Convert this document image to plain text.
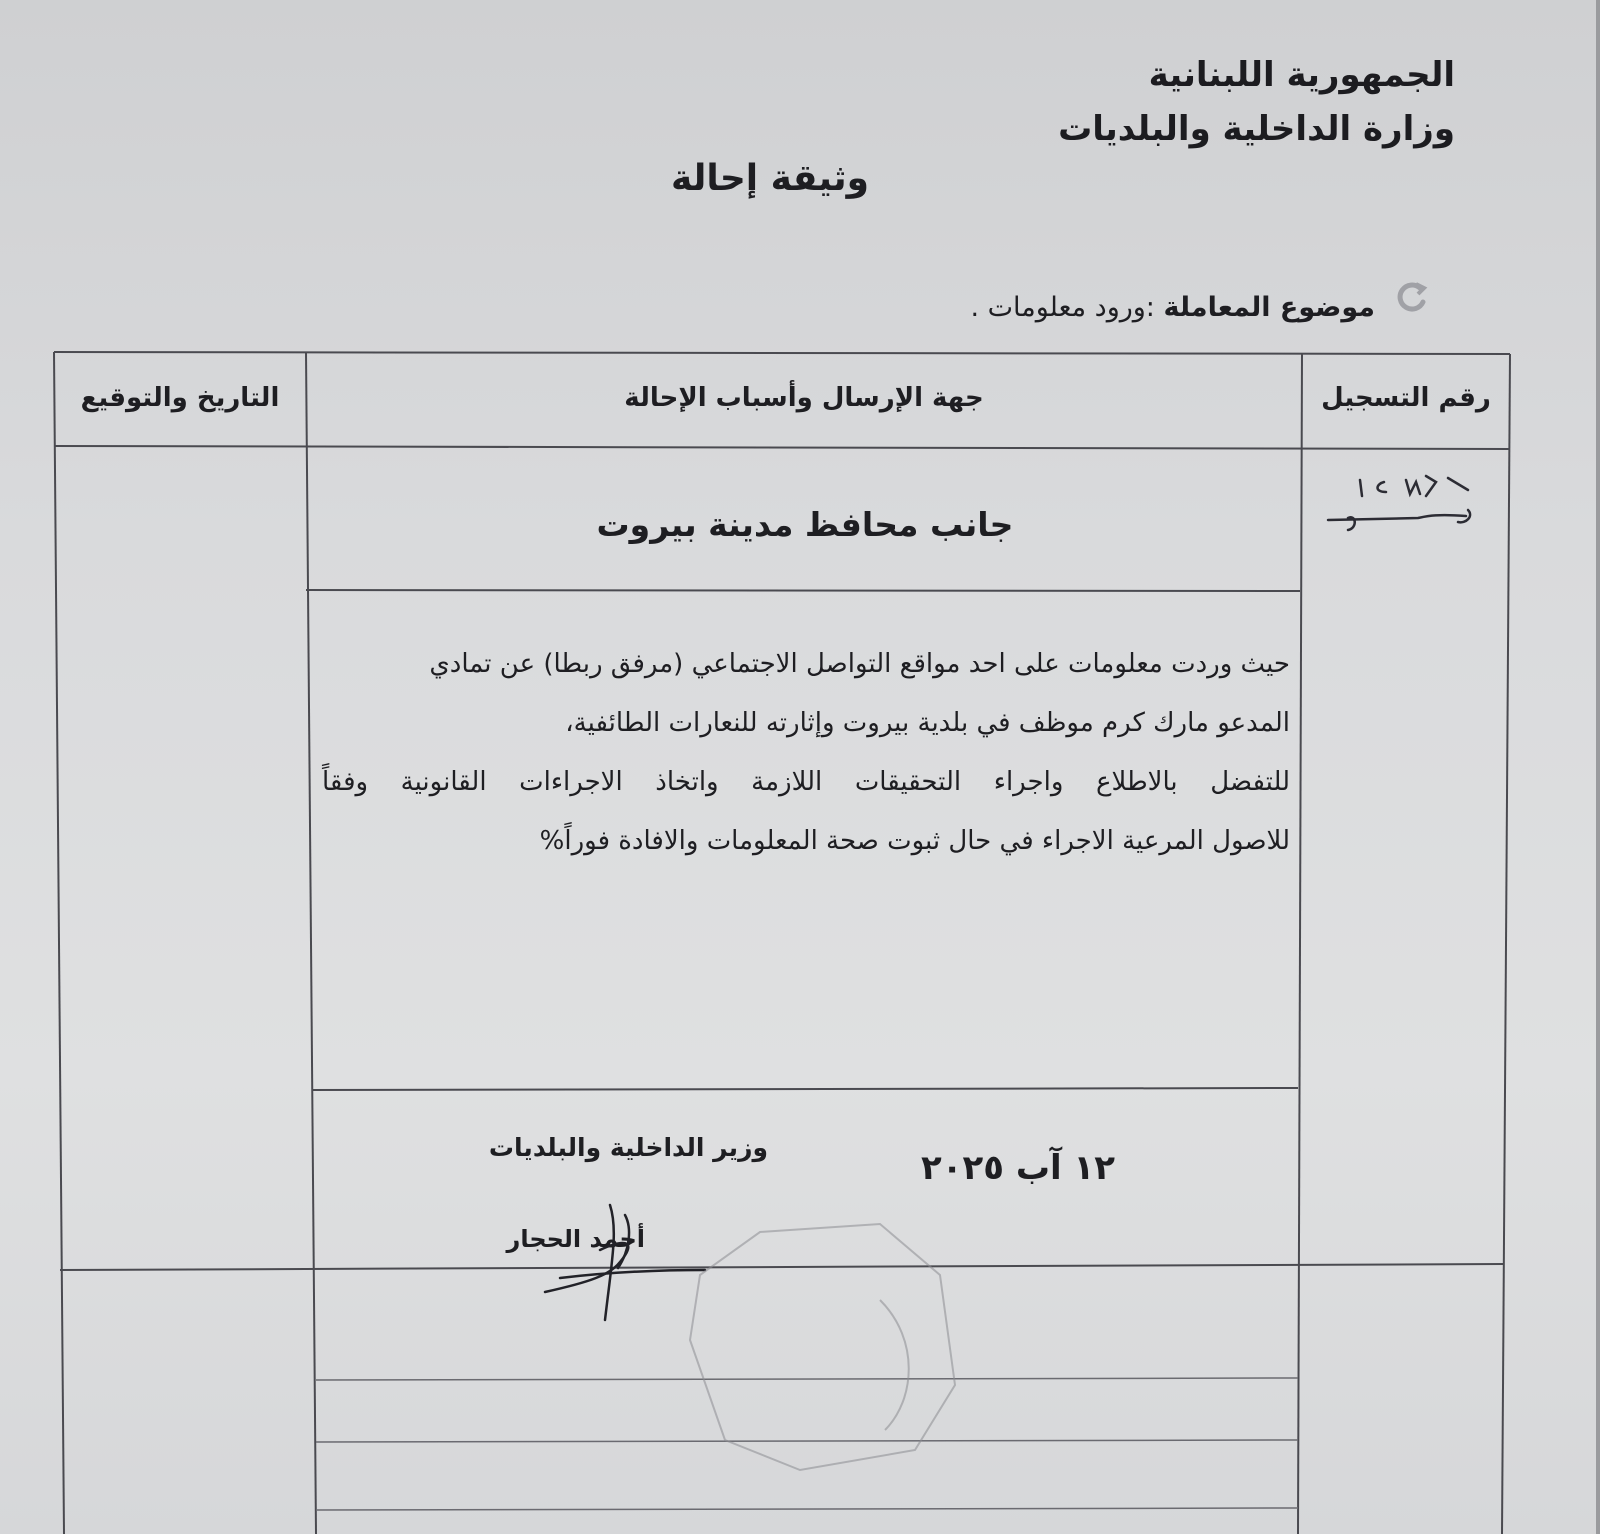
الجمهورية اللبنانية
وزارة الداخلية والبلديات
وثيقة إحالة
موضوع المعاملة :ورود معلومات .
رقم التسجيل
جهة الإرسال وأسباب الإحالة
التاريخ والتوقيع
جانب محافظ مدينة بيروت
حيث وردت معلومات على احد مواقع التواصل الاجتماعي (مرفق ربطا) عن تمادي
المدعو مارك كرم موظف في بلدية بيروت وإثارته للنعارات الطائفية،
للتفضل بالاطلاع واجراء التحقيقات اللازمة واتخاذ الاجراءات القانونية وفقاً
للاصول المرعية الاجراء في حال ثبوت صحة المعلومات والافادة فوراً%
وزير الداخلية والبلديات
١٢ آب ٢٠٢٥
أحمد الحجار
